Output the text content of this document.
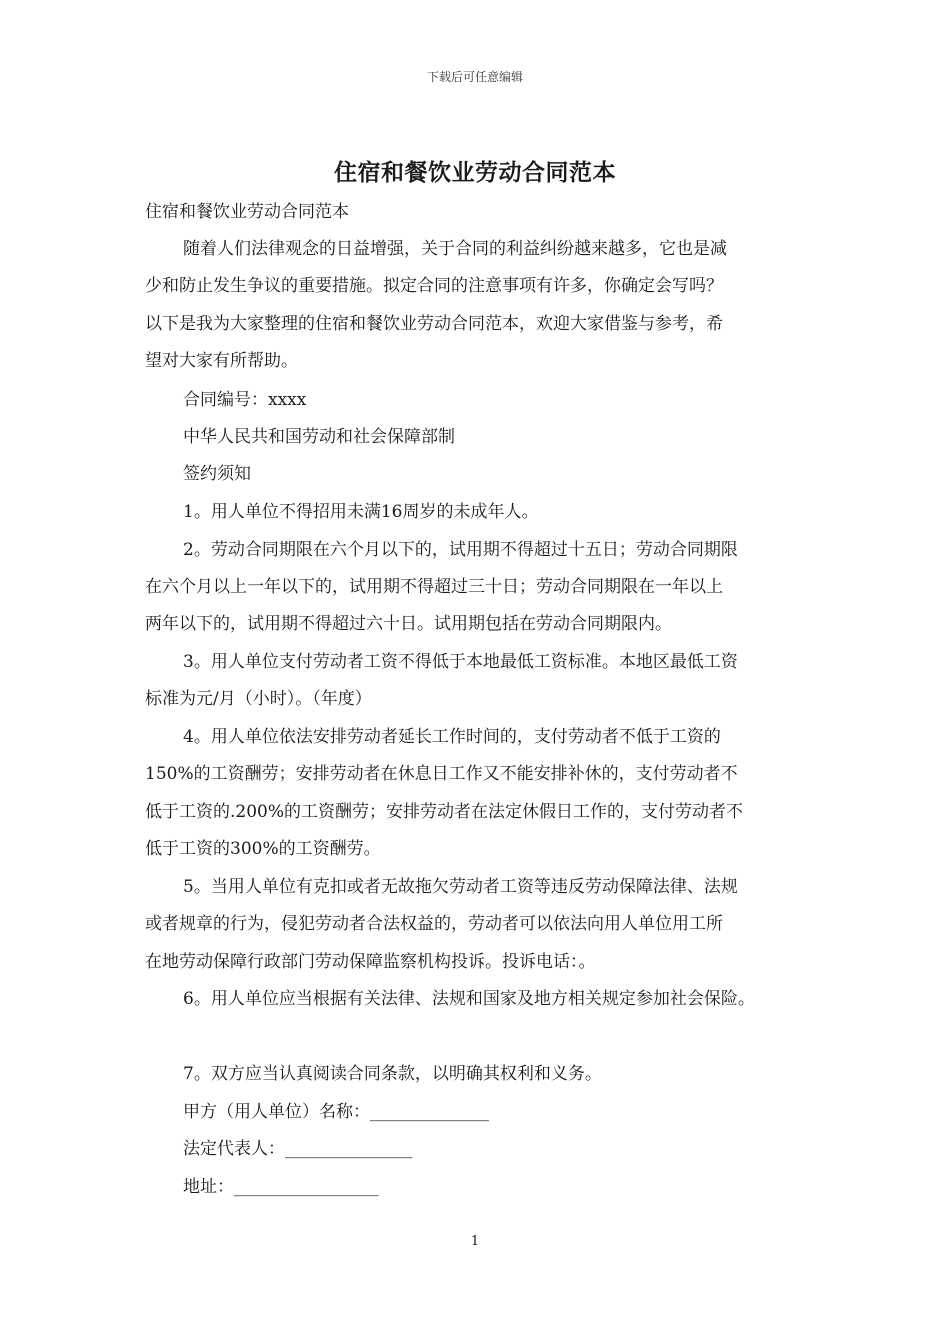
下载后可任意编辑
住宿和餐饮业劳动合同范本
住宿和餐饮业劳动合同范本
随着人们法律观念的日益增强，关于合同的利益纠纷越来越多，它也是减
少和防止发生争议的重要措施。拟定合同的注意事项有许多，你确定会写吗？
以下是我为大家整理的住宿和餐饮业劳动合同范本，欢迎大家借鉴与参考，希
望对大家有所帮助。
合同编号：xxxx
中华人民共和国劳动和社会保障部制
签约须知
1。用人单位不得招用未满16周岁的未成年人。
2。劳动合同期限在六个月以下的，试用期不得超过十五日；劳动合同期限
在六个月以上一年以下的，试用期不得超过三十日；劳动合同期限在一年以上
两年以下的，试用期不得超过六十日。试用期包括在劳动合同期限内。
3。用人单位支付劳动者工资不得低于本地最低工资标准。本地区最低工资
标准为元/月（小时）。（年度）
4。用人单位依法安排劳动者延长工作时间的，支付劳动者不低于工资的
150%的工资酬劳；安排劳动者在休息日工作又不能安排补休的，支付劳动者不
低于工资的.200%的工资酬劳；安排劳动者在法定休假日工作的，支付劳动者不
低于工资的300%的工资酬劳。
5。当用人单位有克扣或者无故拖欠劳动者工资等违反劳动保障法律、法规
或者规章的行为，侵犯劳动者合法权益的，劳动者可以依法向用人单位用工所
在地劳动保障行政部门劳动保障监察机构投诉。投诉电话：。
6。用人单位应当根据有关法律、法规和国家及地方相关规定参加社会保险。
7。双方应当认真阅读合同条款，以明确其权利和义务。
甲方（用人单位）名称：______________
法定代表人：_______________
地址：_________________
1
